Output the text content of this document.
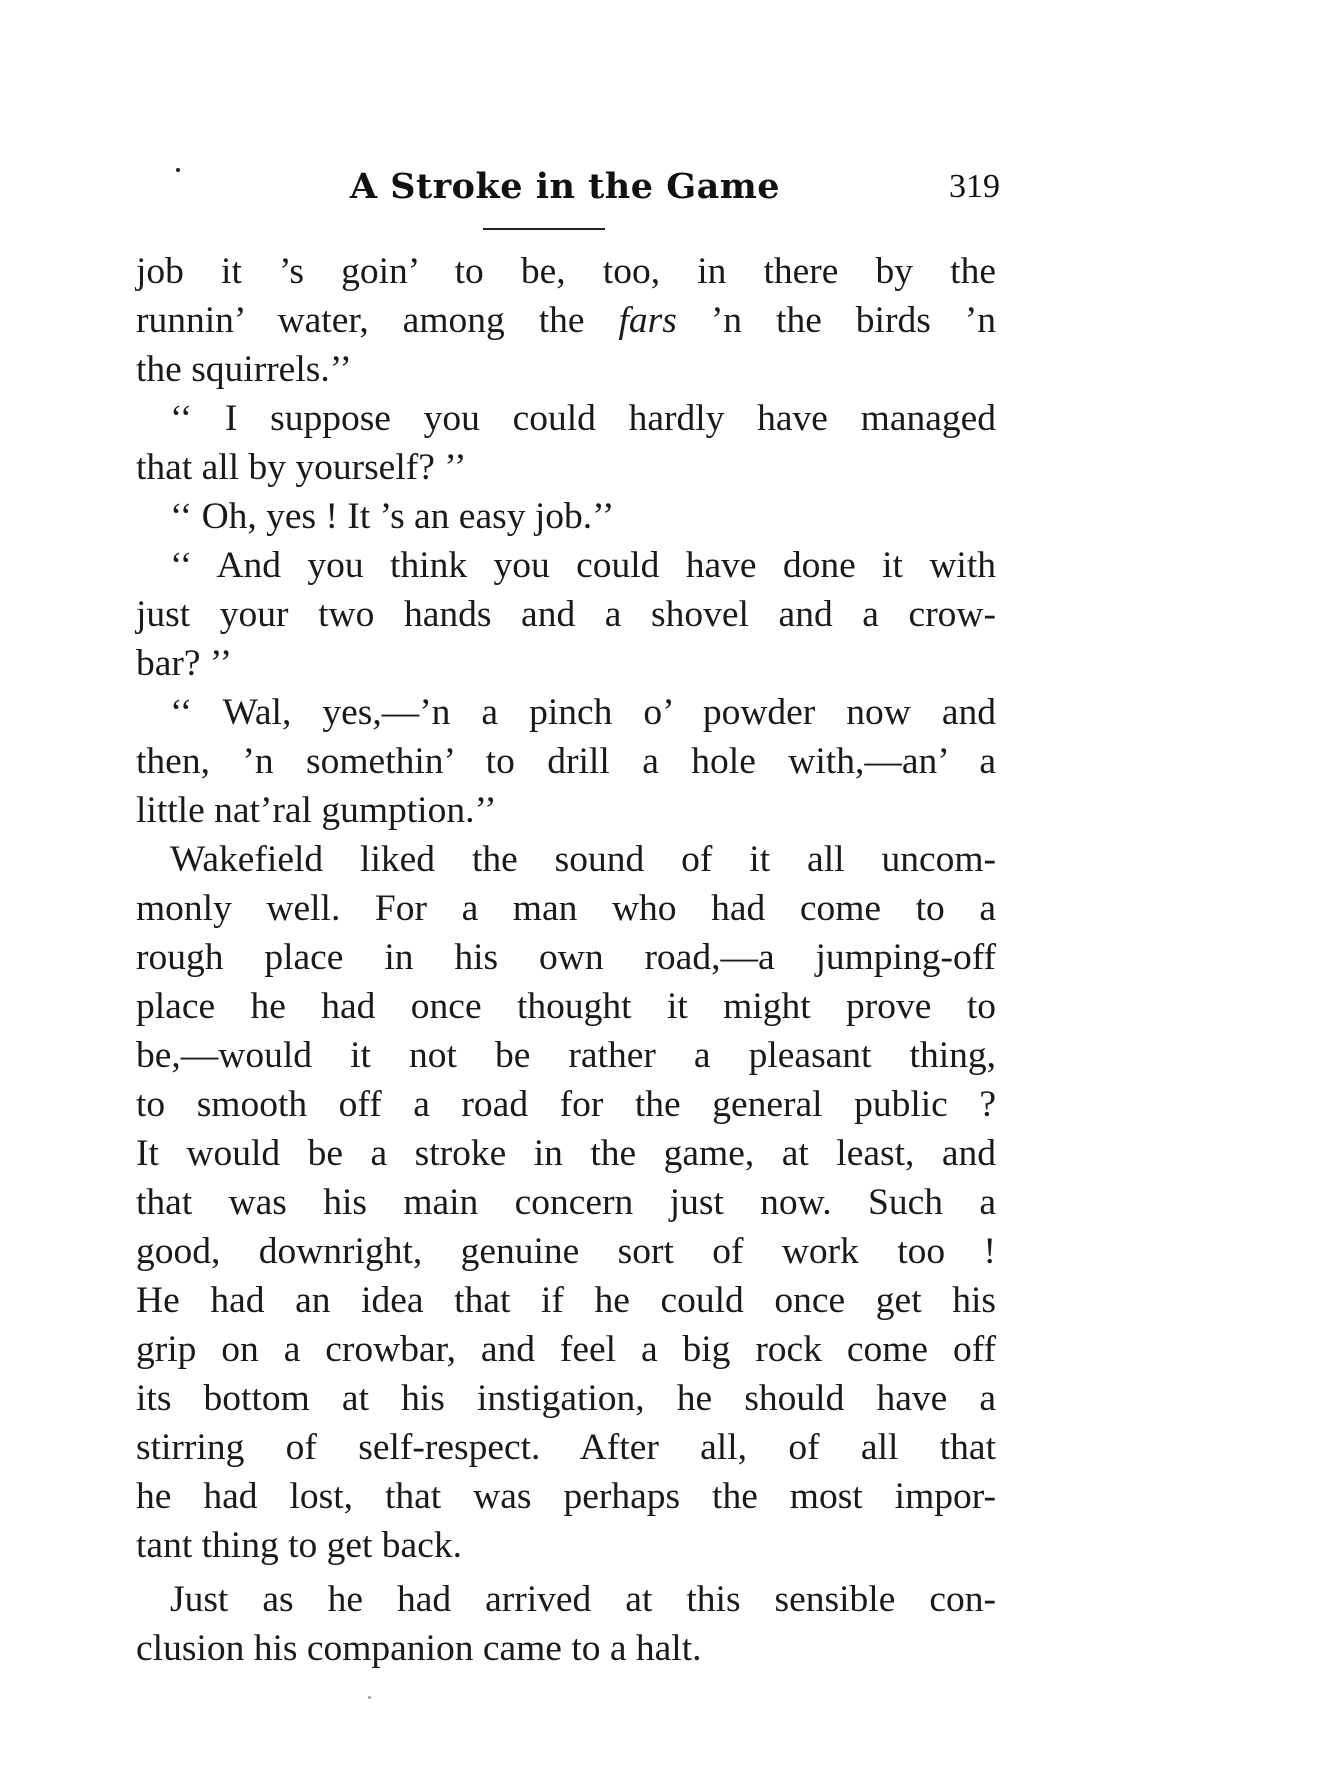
A Stroke in the Game	319
job it ’s goin’ to be, too, in there by the
runnin’ water, among the fars ’n the birds ’n
the squirrels.’’
‘‘ I suppose you could hardly have managed
that all by yourself? ’’
‘‘ Oh, yes ! It ’s an easy job.’’
‘‘ And you think you could have done it with
just your two hands and a shovel and a crow-
bar? ’’
‘‘ Wal, yes,—’n a pinch o’ powder now and
then, ’n somethin’ to drill a hole with,—an’ a
little nat’ral gumption.’’
Wakefield liked the sound of it all uncom-
monly well. For a man who had come to a
rough place in his own road,—a jumping-off
place he had once thought it might prove to
be,—would it not be rather a pleasant thing,
to smooth off a road for the general public ?
It would be a stroke in the game, at least, and
that was his main concern just now. Such a
good, downright, genuine sort of work too !
He had an idea that if he could once get his
grip on a crowbar, and feel a big rock come off
its bottom at his instigation, he should have a
stirring of self-respect. After all, of all that
he had lost, that was perhaps the most impor-
tant thing to get back.
Just as he had arrived at this sensible con-
clusion his companion came to a halt.
